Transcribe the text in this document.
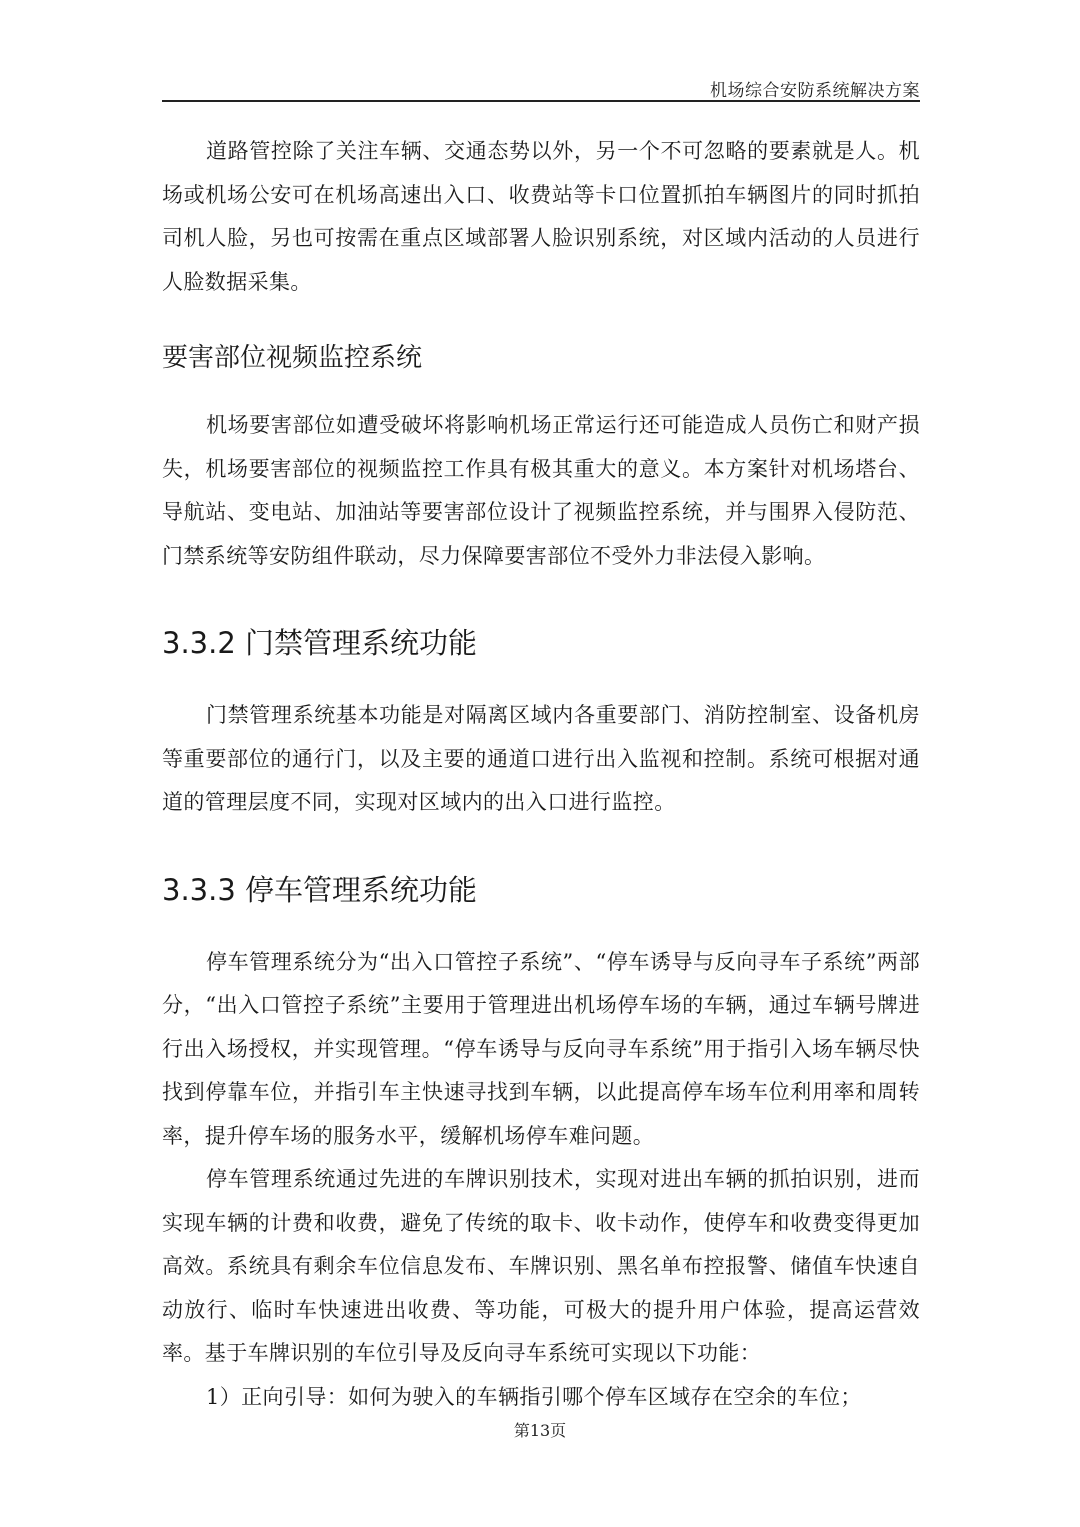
机场综合安防系统解决方案

道路管控除了关注车辆、交通态势以外，另一个不可忽略的要素就是人。机场或机场公安可在机场高速出入口、收费站等卡口位置抓拍车辆图片的同时抓拍司机人脸，另也可按需在重点区域部署人脸识别系统，对区域内活动的人员进行人脸数据采集。

要害部位视频监控系统

机场要害部位如遭受破坏将影响机场正常运行还可能造成人员伤亡和财产损失，机场要害部位的视频监控工作具有极其重大的意义。本方案针对机场塔台、导航站、变电站、加油站等要害部位设计了视频监控系统，并与围界入侵防范、门禁系统等安防组件联动，尽力保障要害部位不受外力非法侵入影响。

3.3.2 门禁管理系统功能

门禁管理系统基本功能是对隔离区域内各重要部门、消防控制室、设备机房等重要部位的通行门，以及主要的通道口进行出入监视和控制。系统可根据对通道的管理层度不同，实现对区域内的出入口进行监控。

3.3.3 停车管理系统功能

停车管理系统分为“出入口管控子系统”、“停车诱导与反向寻车子系统”两部分，“出入口管控子系统”主要用于管理进出机场停车场的车辆，通过车辆号牌进行出入场授权，并实现管理。“停车诱导与反向寻车系统”用于指引入场车辆尽快找到停靠车位，并指引车主快速寻找到车辆，以此提高停车场车位利用率和周转率，提升停车场的服务水平，缓解机场停车难问题。

停车管理系统通过先进的车牌识别技术，实现对进出车辆的抓拍识别，进而实现车辆的计费和收费，避免了传统的取卡、收卡动作，使停车和收费变得更加高效。系统具有剩余车位信息发布、车牌识别、黑名单布控报警、储值车快速自动放行、临时车快速进出收费、等功能，可极大的提升用户体验，提高运营效率。基于车牌识别的车位引导及反向寻车系统可实现以下功能：

1）正向引导：如何为驶入的车辆指引哪个停车区域存在空余的车位；

第13页
